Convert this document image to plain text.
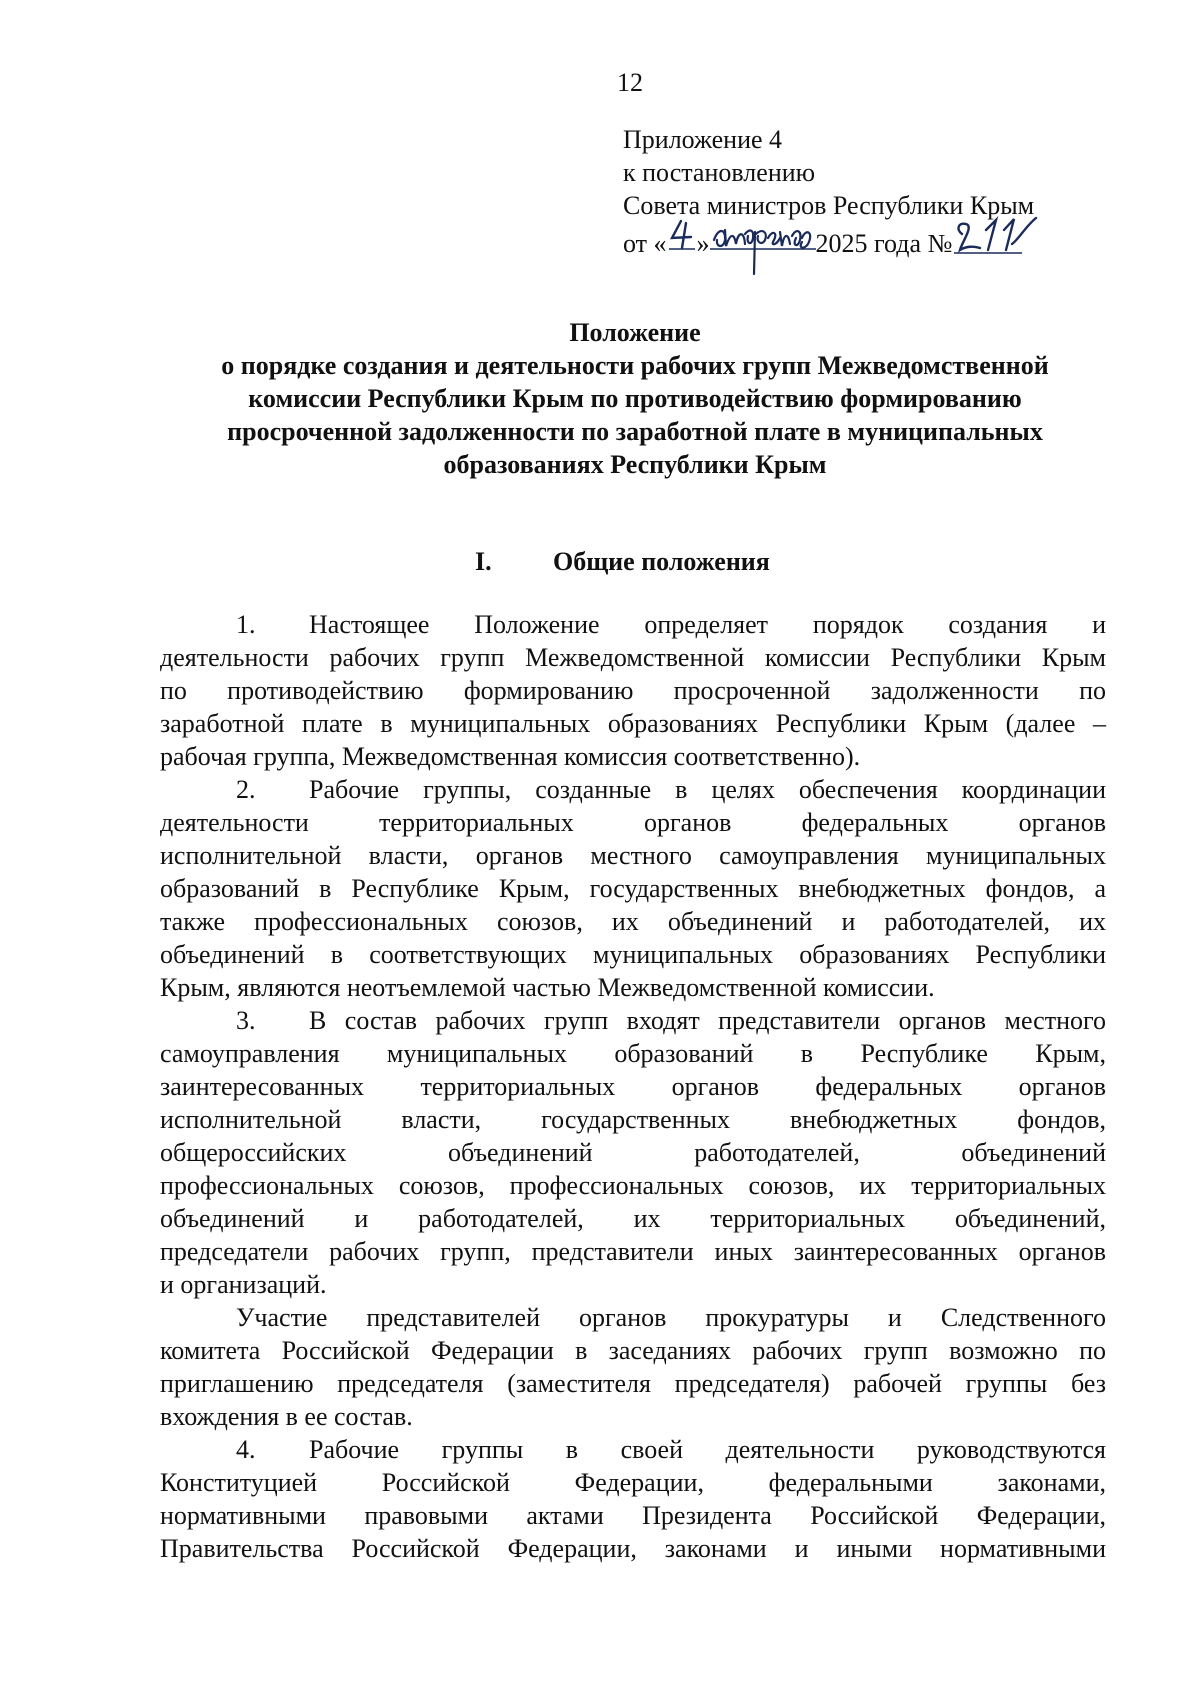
12
Приложение 4
к постановлению
Совета министров Республики Крым
от « »	2025 года №
Положение
о порядке создания и деятельности рабочих групп Межведомственной
комиссии Республики Крым по противодействию формированию
просроченной задолженности по заработной плате в муниципальных
образованиях Республики Крым
I. Общие положения
1. Настоящее Положение определяет порядок создания и
деятельности рабочих групп Межведомственной комиссии Республики Крым
по противодействию формированию просроченной задолженности по
заработной плате в муниципальных образованиях Республики Крым (далее –
рабочая группа, Межведомственная комиссия соответственно).
2. Рабочие группы, созданные в целях обеспечения координации
деятельности территориальных органов федеральных органов
исполнительной власти, органов местного самоуправления муниципальных
образований в Республике Крым, государственных внебюджетных фондов, а
также профессиональных союзов, их объединений и работодателей, их
объединений в соответствующих муниципальных образованиях Республики
Крым, являются неотъемлемой частью Межведомственной комиссии.
3. В состав рабочих групп входят представители органов местного
самоуправления муниципальных образований в Республике Крым,
заинтересованных территориальных органов федеральных органов
исполнительной власти, государственных внебюджетных фондов,
общероссийских объединений работодателей, объединений
профессиональных союзов, профессиональных союзов, их территориальных
объединений и работодателей, их территориальных объединений,
председатели рабочих групп, представители иных заинтересованных органов
и организаций.
Участие представителей органов прокуратуры и Следственного
комитета Российской Федерации в заседаниях рабочих групп возможно по
приглашению председателя (заместителя председателя) рабочей группы без
вхождения в ее состав.
4. Рабочие группы в своей деятельности руководствуются
Конституцией Российской Федерации, федеральными законами,
нормативными правовыми актами Президента Российской Федерации,
Правительства Российской Федерации, законами и иными нормативными
